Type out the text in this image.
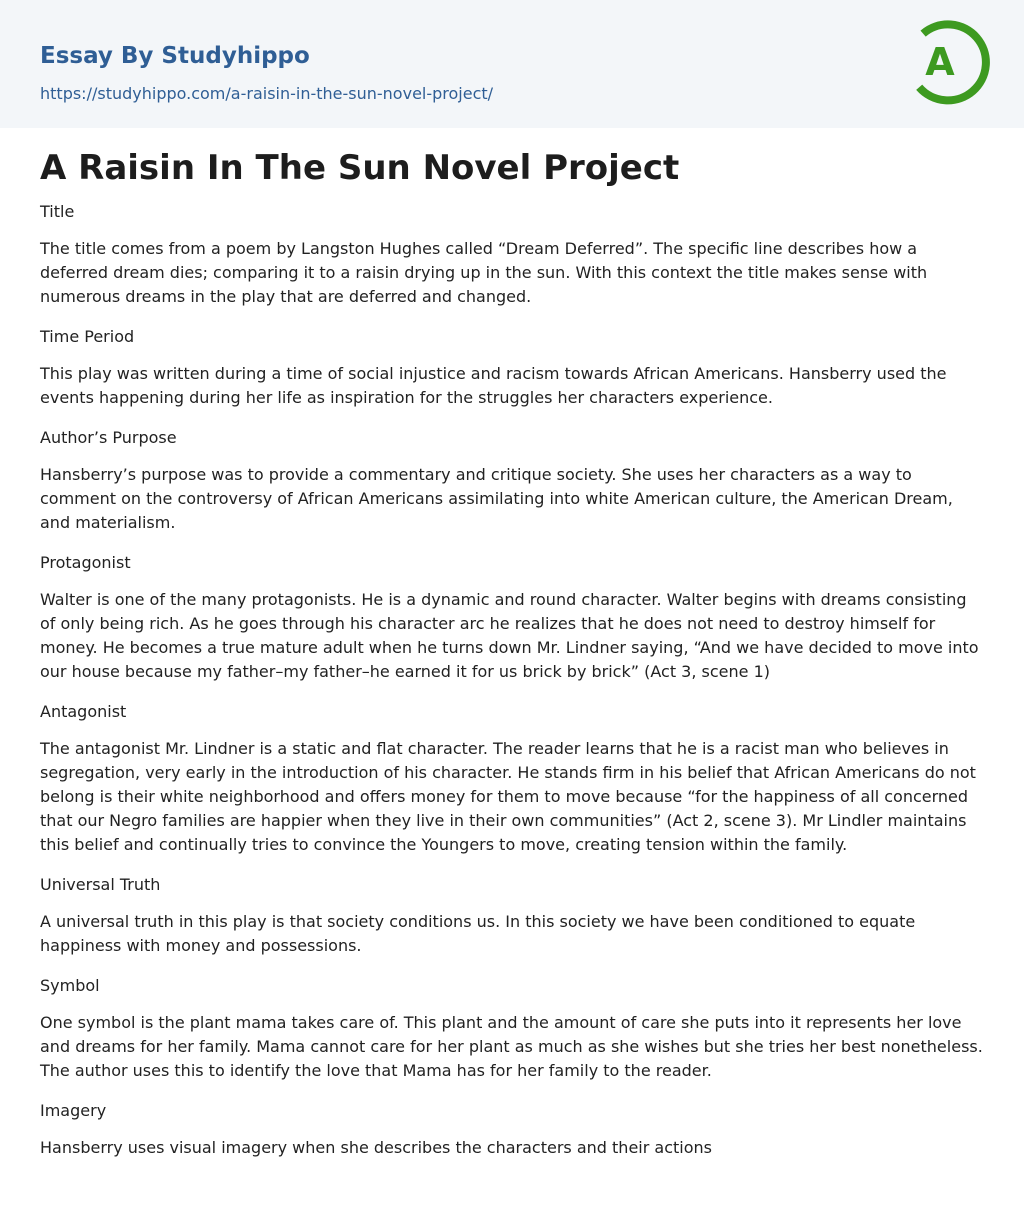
Essay By Studyhippo
https://studyhippo.com/a-raisin-in-the-sun-novel-project/
A
A Raisin In The Sun Novel Project
Title

The title comes from a poem by Langston Hughes called “Dream Deferred”. The specific line describes how a deferred dream dies; comparing it to a raisin drying up in the sun. With this context the title makes sense with numerous dreams in the play that are deferred and changed.

Time Period

This play was written during a time of social injustice and racism towards African Americans. Hansberry used the events happening during her life as inspiration for the struggles her characters experience.

Author’s Purpose

Hansberry’s purpose was to provide a commentary and critique society. She uses her characters as a way to comment on the controversy of African Americans assimilating into white American culture, the American Dream, and materialism.

Protagonist

Walter is one of the many protagonists. He is a dynamic and round character. Walter begins with dreams consisting of only being rich. As he goes through his character arc he realizes that he does not need to destroy himself for money. He becomes a true mature adult when he turns down Mr. Lindner saying, “And we have decided to move into our house because my father–my father–he earned it for us brick by brick” (Act 3, scene 1)

Antagonist

The antagonist Mr. Lindner is a static and flat character. The reader learns that he is a racist man who believes in segregation, very early in the introduction of his character. He stands firm in his belief that African Americans do not belong is their white neighborhood and offers money for them to move because “for the happiness of all concerned that our Negro families are happier when they live in their own communities” (Act 2, scene 3). Mr Lindler maintains this belief and continually tries to convince the Youngers to move, creating tension within the family.

Universal Truth

A universal truth in this play is that society conditions us. In this society we have been conditioned to equate happiness with money and possessions.

Symbol

One symbol is the plant mama takes care of. This plant and the amount of care she puts into it represents her love and dreams for her family. Mama cannot care for her plant as much as she wishes but she tries her best nonetheless. The author uses this to identify the love that Mama has for her family to the reader.

Imagery

Hansberry uses visual imagery when she describes the characters and their actions
